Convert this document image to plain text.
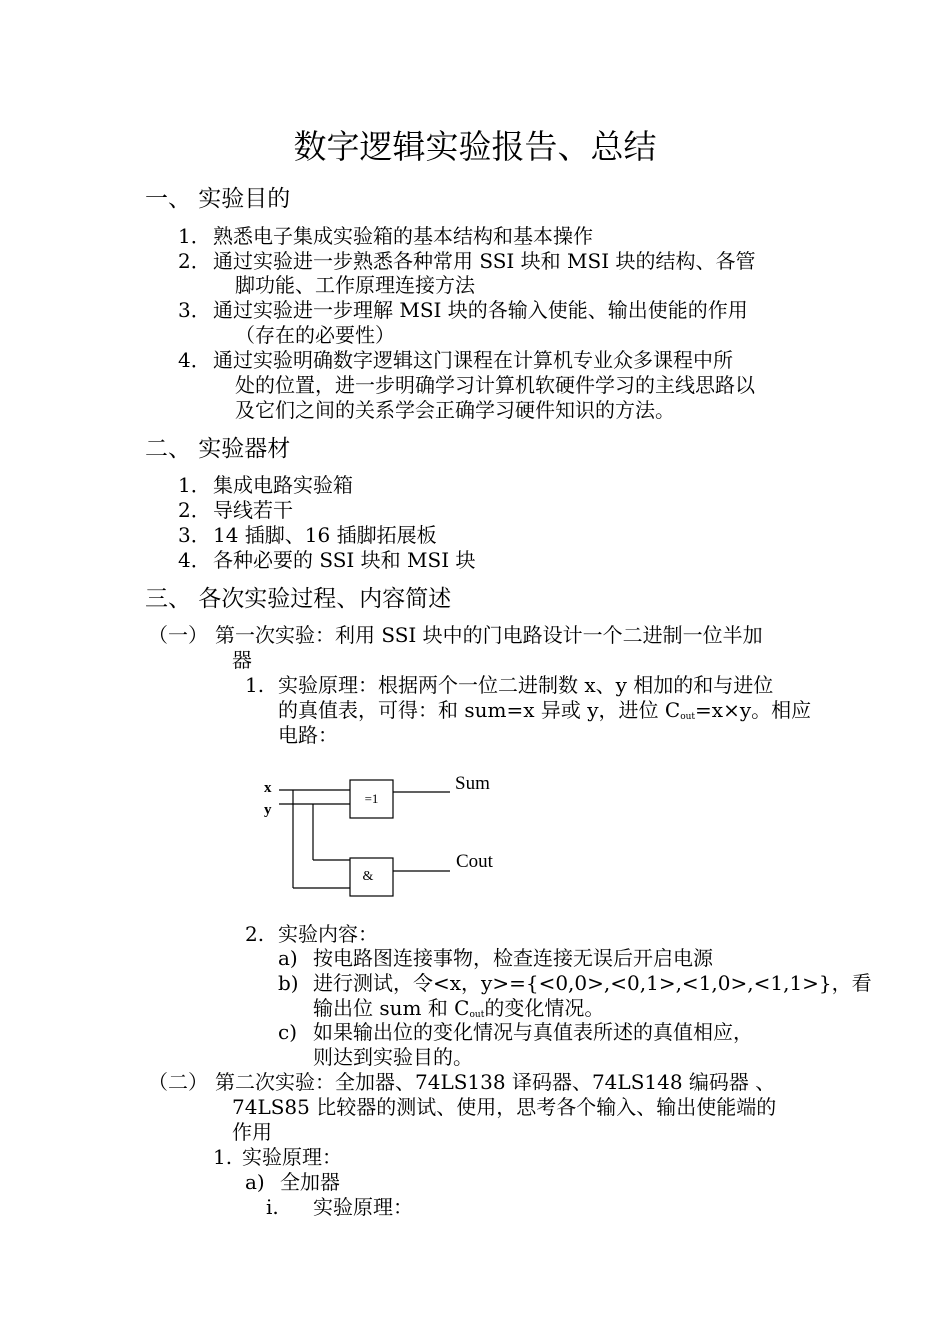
数字逻辑实验报告、总结
一、 实验目的
1． 熟悉电子集成实验箱的基本结构和基本操作
2． 通过实验进一步熟悉各种常用 SSI 块和 MSI 块的结构、各管
脚功能、工作原理连接方法
3． 通过实验进一步理解 MSI 块的各输入使能、输出使能的作用
（存在的必要性）
4． 通过实验明确数字逻辑这门课程在计算机专业众多课程中所
处的位置，进一步明确学习计算机软硬件学习的主线思路以
及它们之间的关系学会正确学习硬件知识的方法。
二、 实验器材
1． 集成电路实验箱
2． 导线若干
3． 14 插脚、16 插脚拓展板
4． 各种必要的 SSI 块和 MSI 块
三、 各次实验过程、内容简述
（一） 第一次实验：利用 SSI 块中的门电路设计一个二进制一位半加
器
1. 实验原理：根据两个一位二进制数 x、y 相加的和与进位
的真值表，可得：和 sum=x 异或 y，进位 $C_{out}=x\times y$。相应
电路：
x
y
=1
&
Sum
Cout
2. 实验内容：
a) 按电路图连接事物，检查连接无误后开启电源
b) 进行测试，令<x，y>={<0,0>,<0,1>,<1,0>,<1,1>}，看
输出位 sum 和 $C_{out}$的变化情况。
c) 如果输出位的变化情况与真值表所述的真值相应，
则达到实验目的。
（二） 第二次实验：全加器、74LS138 译码器、74LS148 编码器 、
74LS85 比较器的测试、使用，思考各个输入、输出使能端的
作用
1. 实验原理：
a) 全加器
i. 实验原理：
